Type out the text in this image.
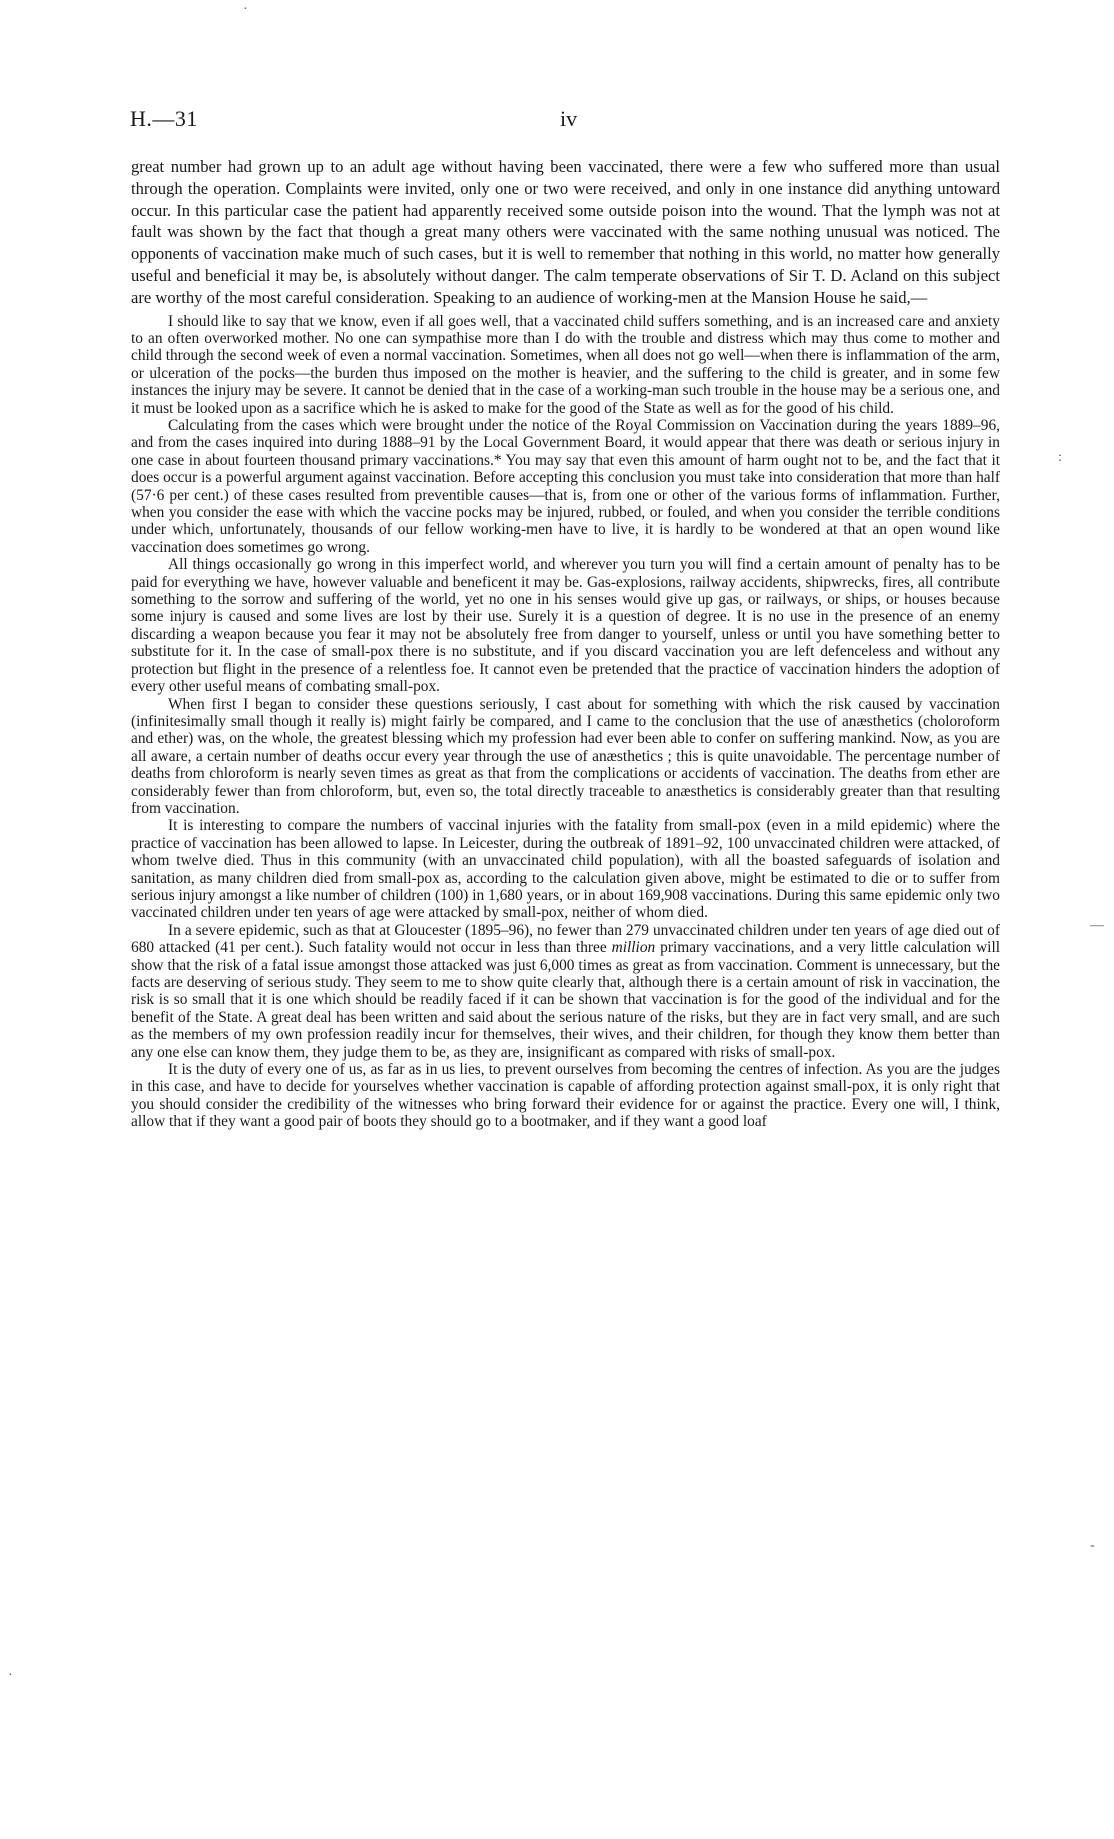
H.—31	iv

great number had grown up to an adult age without having been vaccinated, there were a few who suffered more than usual through the operation. Complaints were invited, only one or two were received, and only in one instance did anything untoward occur. In this particular case the patient had apparently received some outside poison into the wound. That the lymph was not at fault was shown by the fact that though a great many others were vaccinated with the same nothing unusual was noticed. The opponents of vaccination make much of such cases, but it is well to remember that nothing in this world, no matter how generally useful and beneficial it may be, is absolutely without danger. The calm temperate observations of Sir T. D. Acland on this subject are worthy of the most careful consideration. Speaking to an audience of working-men at the Mansion House he said,—

I should like to say that we know, even if all goes well, that a vaccinated child suffers something, and is an increased care and anxiety to an often overworked mother. No one can sympathise more than I do with the trouble and distress which may thus come to mother and child through the second week of even a normal vaccination. Sometimes, when all does not go well—when there is inflammation of the arm, or ulceration of the pocks—the burden thus imposed on the mother is heavier, and the suffering to the child is greater, and in some few instances the injury may be severe. It cannot be denied that in the case of a working-man such trouble in the house may be a serious one, and it must be looked upon as a sacrifice which he is asked to make for the good of the State as well as for the good of his child.

Calculating from the cases which were brought under the notice of the Royal Commission on Vaccination during the years 1889–96, and from the cases inquired into during 1888–91 by the Local Government Board, it would appear that there was death or serious injury in one case in about fourteen thousand primary vaccinations.* You may say that even this amount of harm ought not to be, and the fact that it does occur is a powerful argument against vaccination. Before accepting this conclusion you must take into consideration that more than half (57·6 per cent.) of these cases resulted from preventible causes—that is, from one or other of the various forms of inflammation. Further, when you consider the ease with which the vaccine pocks may be injured, rubbed, or fouled, and when you consider the terrible conditions under which, unfortunately, thousands of our fellow working-men have to live, it is hardly to be wondered at that an open wound like vaccination does sometimes go wrong.

All things occasionally go wrong in this imperfect world, and wherever you turn you will find a certain amount of penalty has to be paid for everything we have, however valuable and beneficent it may be. Gas-explosions, railway accidents, shipwrecks, fires, all contribute something to the sorrow and suffering of the world, yet no one in his senses would give up gas, or railways, or ships, or houses because some injury is caused and some lives are lost by their use. Surely it is a question of degree. It is no use in the presence of an enemy discarding a weapon because you fear it may not be absolutely free from danger to yourself, unless or until you have something better to substitute for it. In the case of small-pox there is no substitute, and if you discard vaccination you are left defenceless and without any protection but flight in the presence of a relentless foe. It cannot even be pretended that the practice of vaccination hinders the adoption of every other useful means of combating small-pox.

When first I began to consider these questions seriously, I cast about for something with which the risk caused by vaccination (infinitesimally small though it really is) might fairly be compared, and I came to the conclusion that the use of anæsthetics (choloroform and ether) was, on the whole, the greatest blessing which my profession had ever been able to confer on suffering mankind. Now, as you are all aware, a certain number of deaths occur every year through the use of anæsthetics ; this is quite unavoidable. The percentage number of deaths from chloroform is nearly seven times as great as that from the complications or accidents of vaccination. The deaths from ether are considerably fewer than from chloroform, but, even so, the total directly traceable to anæsthetics is considerably greater than that resulting from vaccination.

It is interesting to compare the numbers of vaccinal injuries with the fatality from small-pox (even in a mild epidemic) where the practice of vaccination has been allowed to lapse. In Leicester, during the outbreak of 1891–92, 100 unvaccinated children were attacked, of whom twelve died. Thus in this community (with an unvaccinated child population), with all the boasted safeguards of isolation and sanitation, as many children died from small-pox as, according to the calculation given above, might be estimated to die or to suffer from serious injury amongst a like number of children (100) in 1,680 years, or in about 169,908 vaccinations. During this same epidemic only two vaccinated children under ten years of age were attacked by small-pox, neither of whom died.

In a severe epidemic, such as that at Gloucester (1895–96), no fewer than 279 unvaccinated children under ten years of age died out of 680 attacked (41 per cent.). Such fatality would not occur in less than three million primary vaccinations, and a very little calculation will show that the risk of a fatal issue amongst those attacked was just 6,000 times as great as from vaccination. Comment is unnecessary, but the facts are deserving of serious study. They seem to me to show quite clearly that, although there is a certain amount of risk in vaccination, the risk is so small that it is one which should be readily faced if it can be shown that vaccination is for the good of the individual and for the benefit of the State. A great deal has been written and said about the serious nature of the risks, but they are in fact very small, and are such as the members of my own profession readily incur for themselves, their wives, and their children, for though they know them better than any one else can know them, they judge them to be, as they are, insignificant as compared with risks of small-pox.

It is the duty of every one of us, as far as in us lies, to prevent ourselves from becoming the centres of infection. As you are the judges in this case, and have to decide for yourselves whether vaccination is capable of affording protection against small-pox, it is only right that you should consider the credibility of the witnesses who bring forward their evidence for or against the practice. Every one will, I think, allow that if they want a good pair of boots they should go to a bootmaker, and if they want a good loaf

·
:
—
-
·
